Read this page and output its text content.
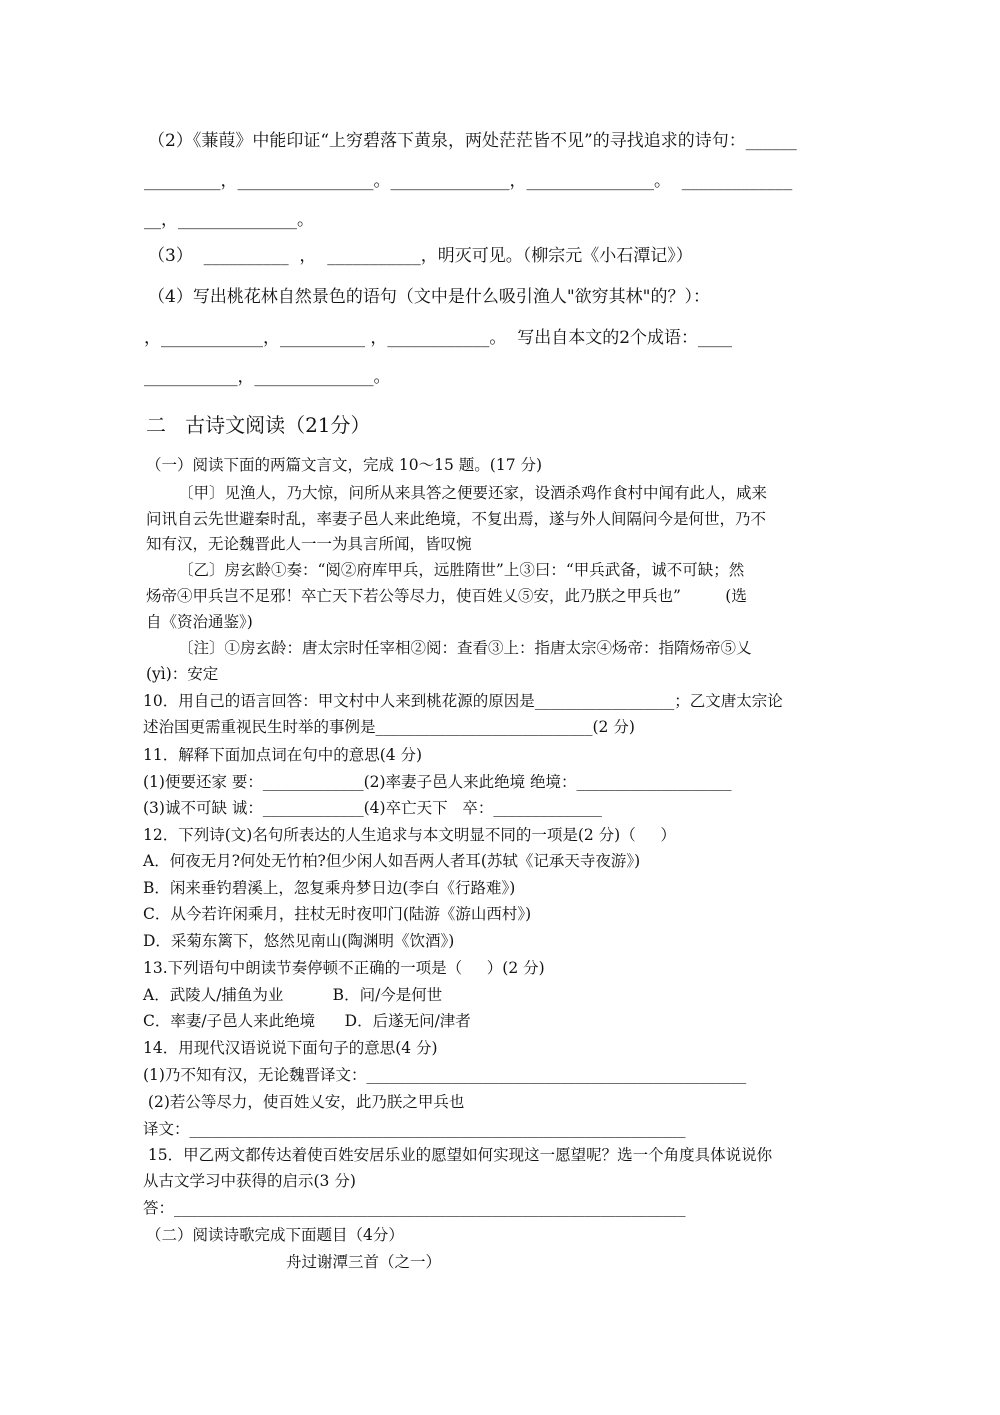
（2）《蒹葭》中能印证“上穷碧落下黄泉，两处茫茫皆不见”的寻找追求的诗句：______
_________，________________。______________，_______________。  _____________
__，______________。
（3）  __________  ，  ___________，明灭可见。（柳宗元《小石潭记》）
（4）写出桃花林自然景色的语句（文中是什么吸引渔人"欲穷其林"的？）：
，____________，__________ ，____________。  写出自本文的2个成语：____
___________，______________。
二   古诗文阅读（21分）
（一）阅读下面的两篇文言文，完成 10～15 题。(17 分)
〔甲〕见渔人，乃大惊，问所从来具答之便要还家，设酒杀鸡作食村中闻有此人，咸来
问讯自云先世避秦时乱，率妻子邑人来此绝境，不复出焉，遂与外人间隔问今是何世，乃不
知有汉，无论魏晋此人一一为具言所闻，皆叹惋
〔乙〕房玄龄①奏：“阅②府库甲兵，远胜隋世”上③曰：“甲兵武备，诚不可缺；然
炀帝④甲兵岂不足邪！卒亡天下若公等尽力，使百姓乂⑤安，此乃朕之甲兵也”         (选
自《资治通鉴》)
〔注〕①房玄龄：唐太宗时任宰相②阅：查看③上：指唐太宗④炀帝：指隋炀帝⑤乂
(yì)：安定
10．用自己的语言回答：甲文村中人来到桃花源的原因是__________________；乙文唐太宗论
述治国更需重视民生时举的事例是____________________________(2 分)
11．解释下面加点词在句中的意思(4 分)
(1)便要还家 要：_____________(2)率妻子邑人来此绝境 绝境：____________________
(3)诚不可缺 诚：_____________(4)卒亡天下   卒：______________
12．下列诗(文)名句所表达的人生追求与本文明显不同的一项是(2 分)（     ）
A．何夜无月?何处无竹柏?但少闲人如吾两人者耳(苏轼《记承天寺夜游》)
B．闲来垂钓碧溪上，忽复乘舟梦日边(李白《行路难》)
C．从今若许闲乘月，拄杖无时夜叩门(陆游《游山西村》)
D．采菊东篱下，悠然见南山(陶渊明《饮酒》)
13.下列语句中朗读节奏停顿不正确的一项是（     ）(2 分)
A．武陵人/捕鱼为业          B．问/今是何世
C．率妻/子邑人来此绝境      D．后遂无问/津者
14．用现代汉语说说下面句子的意思(4 分)
(1)乃不知有汉，无论魏晋译文：_________________________________________________
(2)若公等尽力，使百姓乂安，此乃朕之甲兵也
译文：________________________________________________________________
15．甲乙两文都传达着使百姓安居乐业的愿望如何实现这一愿望呢？选一个角度具体说说你
从古文学习中获得的启示(3 分)
答：__________________________________________________________________
（二）阅读诗歌完成下面题目（4分）
舟过谢潭三首（之一）
